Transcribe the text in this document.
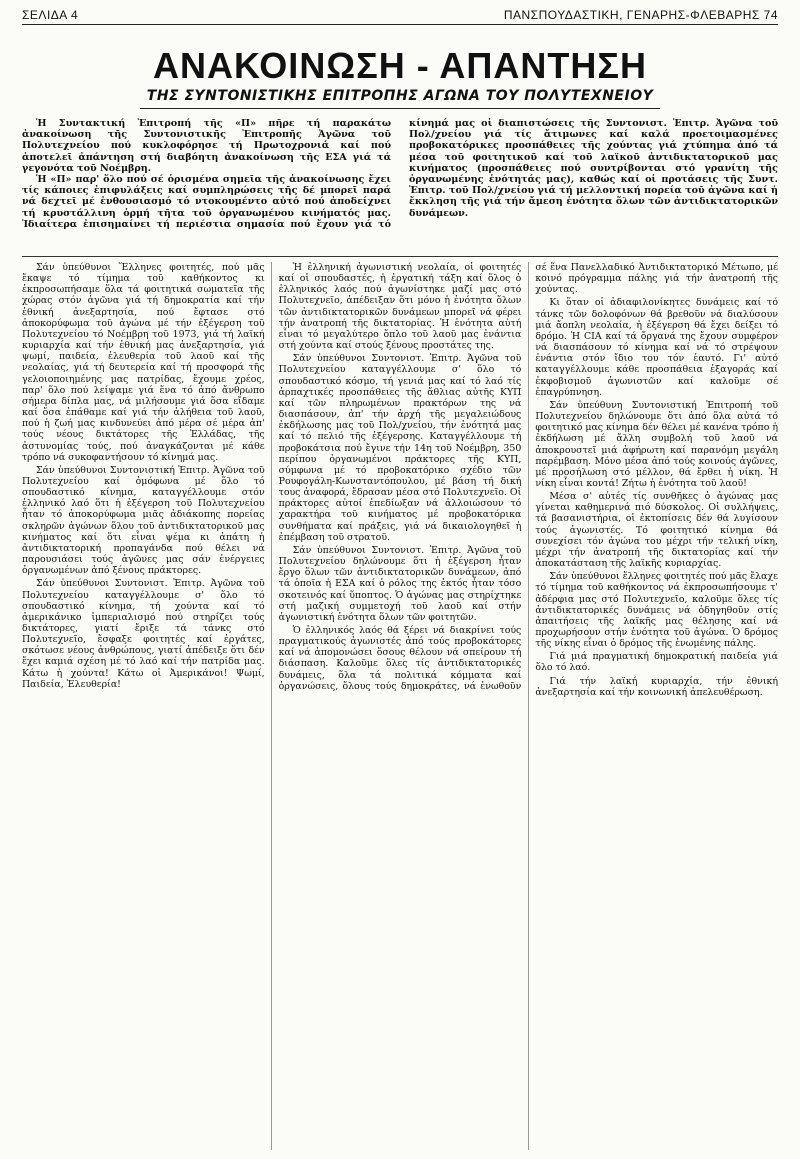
ΣΕΛΙΔΑ 4	ΠΑΝΣΠΟΥΔΑΣΤΙΚΗ, ΓΕΝΑΡΗΣ-ΦΛΕΒΑΡΗΣ 74
ΑΝΑΚΟΙΝΩΣΗ - ΑΠΑΝΤΗΣΗ
ΤΗΣ ΣΥΝΤΟΝΙΣΤΙΚΗΣ ΕΠΙΤΡΟΠΗΣ ΑΓΩΝΑ ΤΟΥ ΠΟΛΥΤΕΧΝΕΙΟΥ

Ἡ Συντακτική Ἐπιτροπή τῆς «Π» πῆρε τή παρακάτω ἀνακοίνωση τῆς Συντονιστικῆς Ἐπιτροπῆς Ἀγῶνα τοῦ Πολυτεχνείου πού κυκλοφόρησε τή Πρωτοχρονιά καί πού ἀποτελεῖ ἀπάντηση στή διαβόητη ἀνακοίνωση τῆς ΕΣΑ γιά τά γεγονότα τοῦ Νοέμβρη.

Ἡ «Π» παρ' ὅλο πού σέ ὁρισμένα σημεῖα τῆς ἀνακοίνωσης ἔχει τίς κάποιες ἐπιφυλάξεις καί συμπληρώσεις τῆς δέ μπορεῖ παρά νά δεχτεῖ μέ ἐνθουσιασμό τό ντοκουμέντο αὐτό πού ἀποδείχνει τή κρυστάλλινη ὁρμή τῆτα τοῦ ὀργανωμένου κινήματός μας. Ἰδιαίτερα ἐπισημαίνει τή περιέστια σημασία πού ἔχουν γιά τό κίνημά μας οἱ διαπιστώσεις τῆς Συντονιστ. Ἐπιτρ. Ἀγῶνα τοῦ Πολ/χνείου γιά τίς ἄτιμωνες καί καλά προετοιμασμένες προβοκατόρικες προσπάθειες τῆς χούντας γιά χτύπημα ἀπό τά μέσα τοῦ φοιτητικοῦ καί τοῦ λαϊκοῦ ἀντιδικτατορικοῦ μας κινήματος (προσπάθειες πού συντρίβονται στό γρανίτη τῆς ὀργανωμένης ἑνότητάς μας), καθώς καί οἱ προτάσεις τῆς Συντ. Ἐπιτρ. τοῦ Πολ/χνείου γιά τή μελλοντική πορεία τοῦ ἀγῶνα καί ἡ ἔκκληση τῆς γιά τήν ἄμεση ἑνότητα ὅλων τῶν ἀντιδικτατορικῶν δυνάμεων.

Σάν ὑπεύθυνοι Ἕλληνες φοιτητές, πού μᾶς ἔκαψε τό τίμημα τοῦ καθήκοντος κι ἐκπροσωπήσαμε ὅλα τά φοιτητικά σωματεῖα τῆς χώρας στόν ἀγῶνα γιά τή δημοκρατία καί τήν ἐθνική ἀνεξαρτησία, πού ἔφτασε στό ἀποκορύφωμα τοῦ ἀγώνα μέ τήν ἐξέγερση τοῦ Πολυτεχνείου τό Νοέμβρη τοῦ 1973, γιά τή λαϊκή κυριαρχία καί τήν ἐθνική μας ἀνεξαρτησία, γιά ψωμί, παιδεία, ἐλευθερία τοῦ λαοῦ καί τῆς νεολαίας, γιά τή δευτερεία καί τή προσφορά τῆς γελοιοποιημένης μας πατρίδας, ἔχουμε χρέος, παρ' ὅλο πού λείψαμε γιά ἕνα τό ἀπό ἄνθρωπο σήμερα δίπλα μας, νά μιλήσουμε γιά ὅσα εἴδαμε καί ὅσα ἐπάθαμε καί γιά τήν ἀλήθεια τοῦ λαοῦ, πού ἡ ζωή μας κινδυνεύει ἀπό μέρα σέ μέρα ἀπ' τούς νέους δικτάτορες τῆς Ἑλλάδας, τῆς ἀστυνομίας τούς, πού ἀναγκάζονται μέ κάθε τρόπο νά συκοφαντήσουν τό κίνημά μας.

Σάν ὑπεύθυνοι Συντονιστική Ἐπιτρ. Ἀγῶνα τοῦ Πολυτεχνείου καί ὁμόφωνα μέ ὅλο τό σπουδαστικό κίνημα, καταγγέλλουμε στόν ἑλληνικό λαό ὅτι ἡ ἐξέγερση τοῦ Πολυτεχνείου ἦταν τό ἀποκορύφωμα μιᾶς ἀδιάκοπης πορείας σκληρῶν ἀγώνων ὅλου τοῦ ἀντιδικτατορικοῦ μας κινήματος καί ὅτι εἶναι ψέμα κι ἀπάτη ἡ ἀντιδικτατορική προπαγάνδα πού θέλει νά παρουσιάσει τούς ἀγῶνες μας σάν ἐνέργειες ὀργανωμένων ἀπό ξένους πράκτορες.

Σάν ὑπεύθυνοι Συντονιστ. Ἐπιτρ. Ἀγῶνα τοῦ Πολυτεχνείου καταγγέλλουμε σ' ὅλο τό σπουδαστικό κίνημα, τή χούντα καί τό ἀμερικάνικο ἰμπεριαλισμό πού στηρίζει τούς δικτάτορες, γιατί ἔριξε τά τάνκς στό Πολυτεχνεῖο, ἔσφαξε φοιτητές καί ἐργάτες, σκότωσε νέους ἀνθρώπους, γιατί ἀπέδειξε ὅτι δέν ἔχει καμιά σχέση μέ τό λαό καί τήν πατρίδα μας. Κάτω ἡ χούντα! Κάτω οἱ Ἀμερικάνοι! Ψωμί, Παιδεία, Ἐλευθερία!

Ἡ ἐλληνική ἀγωνιστική νεολαία, οἱ φοιτητές καί οἱ σπουδαστές, ἡ ἐργατική τάξη καί ὅλος ὁ ἑλληνικός λαός πού ἀγωνίστηκε μαζί μας στό Πολυτεχνεῖο, ἀπέδειξαν ὅτι μόνο ἡ ἑνότητα ὅλων τῶν ἀντιδικτατορικῶν δυνάμεων μπορεῖ νά φέρει τήν ἀνατροπή τῆς δικτατορίας. Ἡ ἑνότητα αὐτή εἶναι τό μεγαλύτερο ὅπλο τοῦ λαοῦ μας ἐνάντια στή χούντα καί στούς ξένους προστάτες της.

Σάν ὑπεύθυνοι Συντονιστ. Ἐπιτρ. Ἀγῶνα τοῦ Πολυτεχνείου καταγγέλλουμε σ' ὅλο τό σπουδαστικό κόσμο, τή γενιά μας καί τό λαό τίς ἀρπαχτικές προσπάθειες τῆς ἄθλιας αὐτῆς ΚΥΠ καί τῶν πληρωμένων πρακτόρων της νά διασπάσουν, ἀπ' τήν ἀρχή τῆς μεγαλειώδους ἐκδήλωσης μας τοῦ Πολ/χνείου, τήν ἑνότητά μας καί τό πελιό τῆς ἐξέγερσης. Καταγγέλλουμε τή προβοκάτσια πού ἔγινε τήν 14η τοῦ Νοέμβρη, 350 περίπου ὀργανωμένοι πράκτορες τῆς ΚΥΠ, σύμφωνα μέ τό προβοκατόρικο σχέδιο τῶν Ρουφογάλη-Κωνσταντόπουλου, μέ βάση τή δική τους ἀναφορά, ἔδρασαν μέσα στό Πολυτεχνεῖο. Οἱ πράκτορες αὐτοί ἐπεδίωξαν νά ἀλλοιώσουν τό χαρακτήρα τοῦ κινήματος μέ προβοκατόρικα συνθήματα καί πράξεις, γιά νά δικαιολογηθεῖ ἡ ἐπέμβαση τοῦ στρατοῦ.

Σάν ὑπεύθυνοι Συντονιστ. Ἐπιτρ. Ἀγῶνα τοῦ Πολυτεχνείου δηλώνουμε ὅτι ἡ ἐξέγερση ἦταν ἔργο ὅλων τῶν ἀντιδικτατορικῶν δυνάμεων, ἀπό τά ὁποῖα ἡ ΕΣΑ καί ὁ ρόλος της ἐκτός ἦταν τόσο σκοτεινός καί ὕποπτος. Ὁ ἀγώνας μας στηρίχτηκε στή μαζική συμμετοχή τοῦ λαοῦ καί στήν ἀγωνιστική ἑνότητα ὅλων τῶν φοιτητῶν.

Ὁ ἑλληνικός λαός θά ξέρει νά διακρίνει τούς πραγματικούς ἀγωνιστές ἀπό τούς προβοκάτορες καί νά ἀπομονώσει ὅσους θέλουν νά σπείρουν τή διάσπαση. Καλοῦμε ὅλες τίς ἀντιδικτατορικές δυνάμεις, ὅλα τά πολιτικά κόμματα καί ὀργανώσεις, ὅλους τούς δημοκράτες, νά ἑνωθοῦν σέ ἕνα Πανελλαδικό Ἀντιδικτατορικό Μέτωπο, μέ κοινό πρόγραμμα πάλης γιά τήν ἀνατροπή τῆς χούντας.

Κι ὅταν οἱ ἀδιαφιλονίκητες δυνάμεις καί τό τάνκς τῶν δολοφόνων θά βρεθοῦν νά διαλύσουν μιά ἄοπλη νεολαία, ἡ ἐξέγερση θά ἔχει δείξει τό δρόμο. Ἡ CIA καί τά ὄργανά της ἔχουν συμφέρον νά διασπάσουν τό κίνημα καί νά τό στρέψουν ἐνάντια στόν ἴδιο του τόν ἑαυτό. Γι' αὐτό καταγγέλλουμε κάθε προσπάθεια ἐξαγοράς καί ἐκφοβισμοῦ ἀγωνιστῶν καί καλοῦμε σέ ἐπαγρύπνηση.

Σάν ὑπεύθυνη Συντονιστική Ἐπιτροπή τοῦ Πολυτεχνείου δηλώνουμε ὅτι ἀπό ὅλα αὐτά τό φοιτητικό μας κίνημα δέν θέλει μέ κανένα τρόπο ἡ ἐκδήλωση μέ ἄλλη συμβολή τοῦ λαοῦ νά ἀποκρουστεῖ μιά ἀφήρωτη καί παρανόμη μεγάλη παρέμβαση. Μόνο μέσα ἀπό τούς κοινούς ἀγῶνες, μέ προσήλωση στό μέλλον, θά ἔρθει ἡ νίκη. Ἡ νίκη εἶναι κοντά! Ζήτω ἡ ἑνότητα τοῦ λαοῦ!

Μέσα σ' αὐτές τίς συνθῆκες ὁ ἀγώνας μας γίνεται καθημερινά πιό δύσκολος. Οἱ συλλήψεις, τά βασανιστήρια, οἱ ἐκτοπίσεις δέν θά λυγίσουν τούς ἀγωνιστές. Τό φοιτητικό κίνημα θά συνεχίσει τόν ἀγώνα του μέχρι τήν τελική νίκη, μέχρι τήν ἀνατροπή τῆς δικτατορίας καί τήν ἀποκατάσταση τῆς λαϊκῆς κυριαρχίας.

Σάν ὑπεύθυνοι ἕλληνες φοιτητές πού μᾶς ἔλαχε τό τίμημα τοῦ καθήκοντος νά ἐκπροσωπήσουμε τ' ἀδέρφια μας στό Πολυτεχνεῖο, καλοῦμε ὅλες τίς ἀντιδικτατορικές δυνάμεις νά ὁδηγηθοῦν στίς ἀπαιτήσεις τῆς λαϊκῆς μας θέλησης καί νά προχωρήσουν στήν ἑνότητα τοῦ ἀγώνα. Ὁ δρόμος τῆς νίκης εἶναι ὁ δρόμος τῆς ἑνωμένης πάλης.

Γιά μιά πραγματική δημοκρατική παιδεία γιά ὅλο τό λαό.

Γιά τήν λαϊκή κυριαρχία, τήν ἐθνική ἀνεξαρτησία καί τήν κοινωνική ἀπελευθέρωση.
